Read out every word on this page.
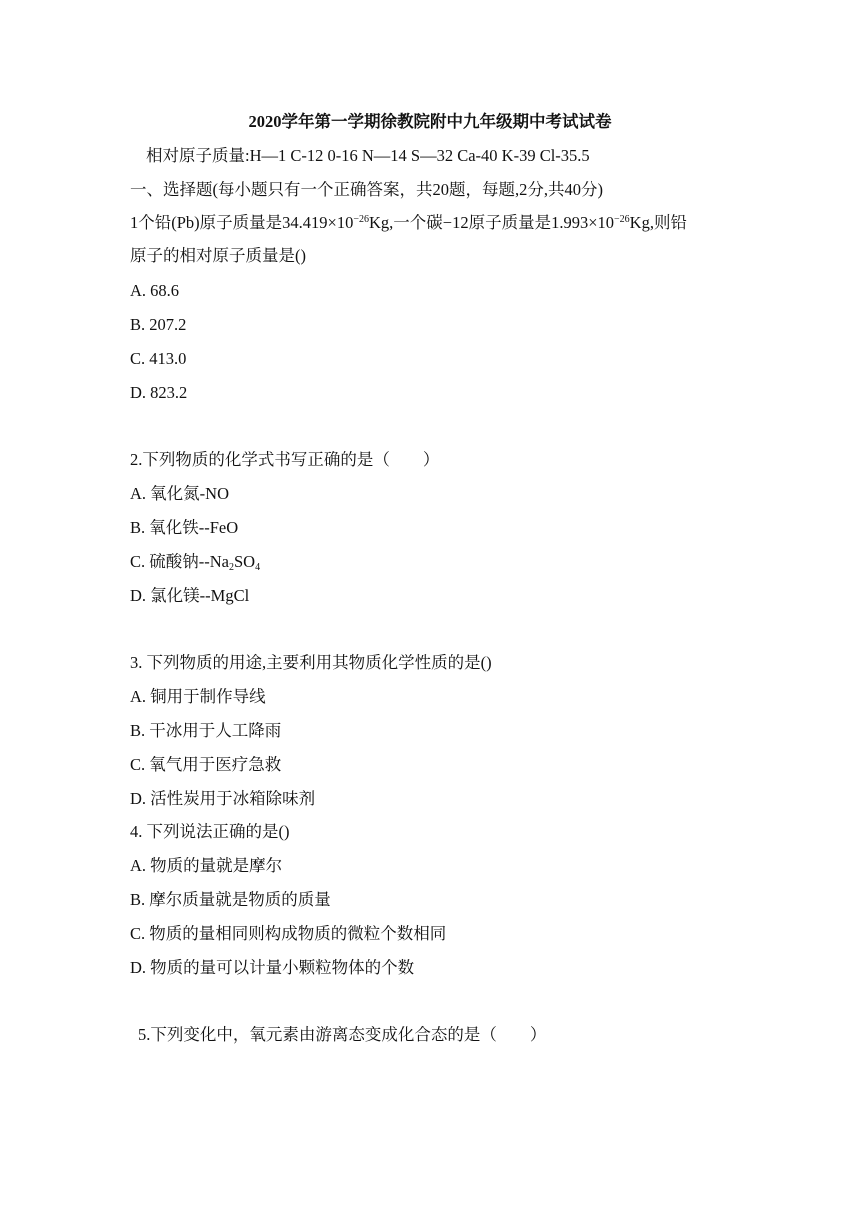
2020学年第一学期徐教院附中九年级期中考试试卷
相对原子质量:H—1 C-12 0-16 N—14 S—32 Ca-40 K-39 Cl-35.5
一、选择题(每小题只有一个正确答案，共20题，每题,2分,共40分)
1个铅(Pb)原子质量是$34.419\times 10^{-26}Kg$,一个碳−12原子质量是$1.993\times 10^{-26}Kg$,则铅
原子的相对原子质量是()
A. 68.6
B. 207.2
C. 413.0
D. 823.2
2.下列物质的化学式书写正确的是（　　）
A. 氧化氮-NO
B. 氧化铁--FeO
C. 硫酸钠$--Na_2SO_4$
D. 氯化镁--MgCl
3. 下列物质的用途,主要利用其物质化学性质的是()
A. 铜用于制作导线
B. 干冰用于人工降雨
C. 氧气用于医疗急救
D. 活性炭用于冰箱除味剂
4. 下列说法正确的是()
A. 物质的量就是摩尔
B. 摩尔质量就是物质的质量
C. 物质的量相同则构成物质的微粒个数相同
D. 物质的量可以计量小颗粒物体的个数
5.下列变化中，氧元素由游离态变成化合态的是（　　）
